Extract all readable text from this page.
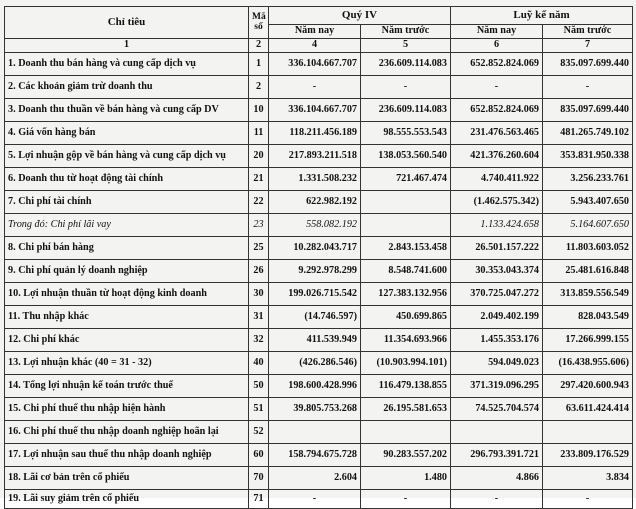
Chỉ tiêu	Mã số	Quý IV		Luỹ kế năm	
		Năm nay	Năm trước	Năm nay	Năm trước
1	2	4	5	6	7
1. Doanh thu bán hàng và cung cấp dịch vụ	1	336.104.667.707	236.609.114.083	652.852.824.069	835.097.699.440
2. Các khoản giảm trừ doanh thu	2	-	-	-	-
3. Doanh thu thuần về bán hàng và cung cấp DV	10	336.104.667.707	236.609.114.083	652.852.824.069	835.097.699.440
4. Giá vốn hàng bán	11	118.211.456.189	98.555.553.543	231.476.563.465	481.265.749.102
5. Lợi nhuận gộp về bán hàng và cung cấp dịch vụ	20	217.893.211.518	138.053.560.540	421.376.260.604	353.831.950.338
6. Doanh thu từ hoạt động tài chính	21	1.331.508.232	721.467.474	4.740.411.922	3.256.233.761
7. Chi phí tài chính	22	622.982.192		(1.462.575.342)	5.943.407.650
Trong đó: Chi phí lãi vay	23	558.082.192		1.133.424.658	5.164.607.650
8. Chi phí bán hàng	25	10.282.043.717	2.843.153.458	26.501.157.222	11.803.603.052
9. Chi phí quản lý doanh nghiệp	26	9.292.978.299	8.548.741.600	30.353.043.374	25.481.616.848
10. Lợi nhuận thuần từ hoạt động kinh doanh	30	199.026.715.542	127.383.132.956	370.725.047.272	313.859.556.549
11. Thu nhập khác	31	(14.746.597)	450.699.865	2.049.402.199	828.043.549
12. Chi phí khác	32	411.539.949	11.354.693.966	1.455.353.176	17.266.999.155
13. Lợi nhuận khác (40 = 31 - 32)	40	(426.286.546)	(10.903.994.101)	594.049.023	(16.438.955.606)
14. Tổng lợi nhuận kế toán trước thuế	50	198.600.428.996	116.479.138.855	371.319.096.295	297.420.600.943
15. Chi phí thuế thu nhập hiện hành	51	39.805.753.268	26.195.581.653	74.525.704.574	63.611.424.414
16. Chi phí thuế thu nhập doanh nghiệp hoãn lại	52				
17. Lợi nhuận sau thuế thu nhập doanh nghiệp	60	158.794.675.728	90.283.557.202	296.793.391.721	233.809.176.529
18. Lãi cơ bản trên cổ phiếu	70	2.604	1.480	4.866	3.834
19. Lãi suy giảm trên cổ phiếu	71	-	-	-	-
